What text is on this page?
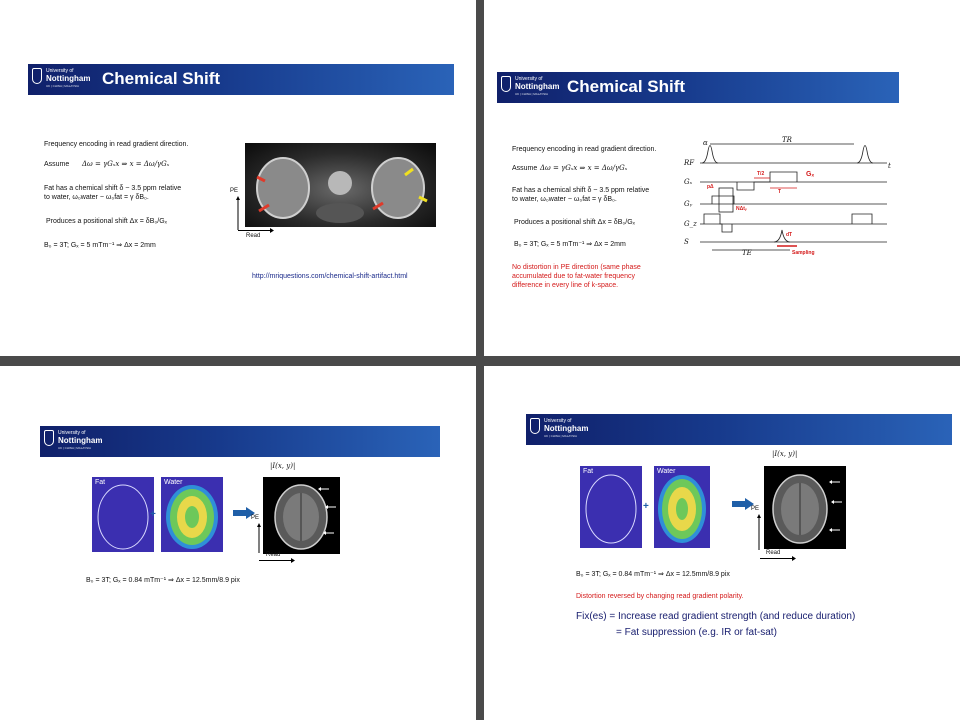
University of
Nottingham
UK | CHINA | MALAYSIA Chemical Shift
Frequency encoding in read gradient direction.
Assume Δω = γGₓx ⇒ x = Δω/γGₓ
Fat has a chemical shift δ ~ 3.5 ppm relative
to water, ω₀water − ω₀fat = γ δB₀.
Produces a positional shift Δx = δB₀/Gₓ
B₀ = 3T; Gₓ = 5 mTm⁻¹ ⇒ Δx = 2mm
PE
Read
http://mriquestions.com/chemical-shift-artifact.html
University of
Nottingham
UK | CHINA | MALAYSIA Chemical Shift
Frequency encoding in read gradient direction.
Assume Δω = γGₓx ⇒ x = Δω/γGₓ
Fat has a chemical shift δ ~ 3.5 ppm relative
to water, ω₀water − ω₀fat = γ δB₀.
Produces a positional shift Δx = δB₀/Gₓ
B₀ = 3T; Gₓ = 5 mTm⁻¹ ⇒ Δx = 2mm
No distortion in PE direction (same phase
accumulated due to fat-water frequency
difference in every line of k-space.
α	TR
RF
Gₓ
Gᵧ
G_z
S
t
TE
T/2
T
Gₓ
pΔ
NΔtᵧ
dT
Sampling
University of
Nottingham
UK | CHINA | MALAYSIA
|I(x, y)|
Fat
+
Water
PE
Read
B₀ = 3T; Gₓ = 0.84 mTm⁻¹ ⇒ Δx = 12.5mm/8.9 pix
University of
Nottingham
UK | CHINA | MALAYSIA
|I(x, y)|
Fat
+
Water
PE
Read
B₀ = 3T; Gₓ = 0.84 mTm⁻¹ ⇒ Δx = 12.5mm/8.9 pix
Distortion reversed by changing read gradient polarity.
Fix(es) = Increase read gradient strength (and reduce duration)
= Fat suppression (e.g. IR or fat-sat)
